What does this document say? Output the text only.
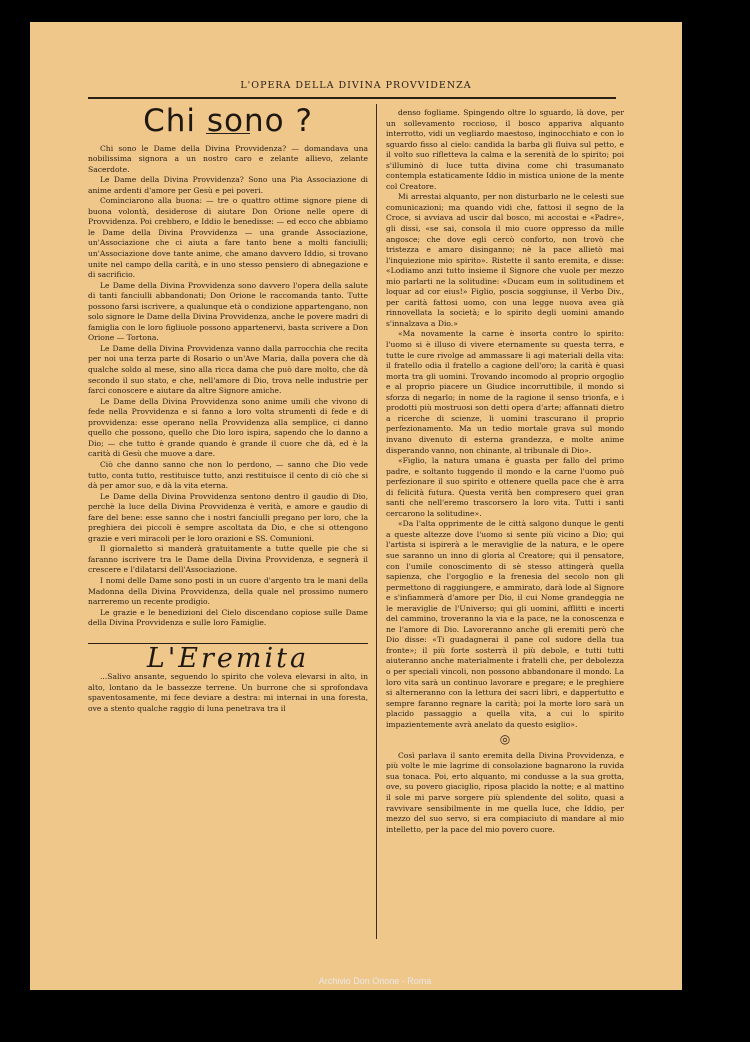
L'OPERA DELLA DIVINA PROVVIDENZA
Chi sono ?

Chi sono le Dame della Divina Provvidenza? — domandava una nobilissima signora a un nostro caro e zelante allievo, zelante Sacerdote.

Le Dame della Divina Provvidenza? Sono una Pia Associazione di anime ardenti d'amore per Gesù e pei poveri.

Cominciarono alla buona: — tre o quattro ottime signore piene di buona volontà, desiderose di aiutare Don Orione nelle opere di Provvidenza. Poi crebbero, e Iddio le benedisse: — ed ecco che abbiamo le Dame della Divina Provvidenza — una grande Associazione, un'Associazione che ci aiuta a fare tanto bene a molti fanciulli; un'Associazione dove tante anime, che amano davvero Iddio, si trovano unite nel campo della carità, e in uno stesso pensiero di abnegazione e di sacrificio.

Le Dame della Divina Provvidenza sono davvero l'opera della salute di tanti fanciulli abbandonati; Don Orione le raccomanda tanto. Tutte possono farsi iscrivere, a qualunque età o condizione appartengano, non solo signore le Dame della Divina Provvidenza, anche le povere madri di famiglia con le loro figliuole possono appartenervi, basta scrivere a Don Orione — Tortona.

Le Dame della Divina Provvidenza vanno dalla parrocchia che recita per noi una terza parte di Rosario o un'Ave Maria, dalla povera che dà qualche soldo al mese, sino alla ricca dama che può dare molto, che dà secondo il suo stato, e che, nell'amore di Dio, trova nelle industrie per farci conoscere e aiutare da altre Signore amiche.

Le Dame della Divina Provvidenza sono anime umili che vivono di fede nella Provvidenza e si fanno a loro volta strumenti di fede e di provvidenza: esse operano nella Provvidenza alla semplice, ci danno quello che possono, quello che Dio loro ispira, sapendo che lo danno a Dio; — che tutto è grande quando è grande il cuore che dà, ed è la carità di Gesù che muove a dare.

Ciò che danno sanno che non lo perdono, — sanno che Dio vede tutto, conta tutto, restituisce tutto, anzi restituisce il cento di ciò che si dà per amor suo, e dà la vita eterna.

Le Dame della Divina Provvidenza sentono dentro il gaudio di Dio, perchè la luce della Divina Provvidenza è verità, e amore e gaudio di fare del bene: esse sanno che i nostri fanciulli pregano per loro, che la preghiera dei piccoli è sempre ascoltata da Dio, e che si ottengono grazie e veri miracoli per le loro orazioni e SS. Comunioni.

Il giornaletto si manderà gratuitamente a tutte quelle pie che si faranno iscrivere tra le Dame della Divina Provvidenza, e segnerà il crescere e l'dilatarsi dell'Associazione.

I nomi delle Dame sono posti in un cuore d'argento tra le mani della Madonna della Divina Provvidenza, della quale nel prossimo numero narreremo un recente prodigio.

Le grazie e le benedizioni del Cielo discendano copiose sulle Dame della Divina Provvidenza e sulle loro Famiglie.

L'Eremita

...Salivo ansante, seguendo lo spirito che voleva elevarsi in alto, in alto, lontano da le bassezze terrene. Un burrone che si sprofondava spaventosamente, mi fece deviare a destra: mi internai in una foresta, ove a stento qualche raggio di luna penetrava tra il

denso fogliame. Spingendo oltre lo sguardo, là dove, per un sollevamento roccioso, il bosco appariva alquanto interrotto, vidi un vegliardo maestoso, inginocchiato e con lo sguardo fisso al cielo: candida la barba gli fluiva sul petto, e il volto suo rifletteva la calma e la serenità de lo spirito; poi s'illuminò di luce tutta divina come chi trasumanato contempla estaticamente Iddio in mistica unione de la mente col Creatore.

Mi arrestai alquanto, per non disturbarlo ne le celesti sue comunicazioni; ma quando vidi che, fattosi il segno de la Croce, si avviava ad uscir dal bosco, mi accostai e «Padre», gli dissi, «se sai, consola il mio cuore oppresso da mille angosce; che dove egli cercò conforto, non trovò che tristezza e amaro disinganno; nè la pace allietò mai l'inquiezione mio spirito». Ristette il santo eremita, e disse: «Lodiamo anzi tutto insieme il Signore che vuole per mezzo mio parlarti ne la solitudine: «Ducam eum in solitudinem et loquar ad cor eius!» Figlio, poscia soggiunse, il Verbo Div., per carità fattosi uomo, con una legge nuova avea già rinnovellata la società; e lo spirito degli uomini amando s'innalzava a Dio.»

«Ma novamente la carne è insorta contro lo spirito: l'uomo si è illuso di vivere eternamente su questa terra, e tutte le cure rivolge ad ammassare li agi materiali della vita: il fratello odia il fratello a cagione dell'oro; la carità è quasi morta tra gli uomini. Trovando incomodo al proprio orgoglio e al proprio piacere un Giudice incorruttibile, il mondo si sforza di negarlo; in nome de la ragione il senso trionfa, e i prodotti più mostruosi son detti opera d'arte; affannati dietro a ricerche di scienze, li uomini trascurano il proprio perfezionamento. Ma un tedio mortale grava sul mondo invano divenuto di esterna grandezza, e molte anime disperando vanno, non chinante, al tribunale di Dio».

«Figlio, la natura umana è guasta per fallo del primo padre, e soltanto tuggendo il mondo e la carne l'uomo può perfezionare il suo spirito e ottenere quella pace che è arra di felicità futura. Questa verità ben compresero quei gran santi che nell'eremo trascorsero la loro vita. Tutti i santi cercarono la solitudine».

«Da l'alta opprimente de le città salgono dunque le genti a queste altezze dove l'uomo si sente più vicino a Dio; qui l'artista si ispirerà a le meraviglie de la natura, e le opere sue saranno un inno di gloria al Creatore; qui il pensatore, con l'umile conoscimento di sè stesso attingerà quella sapienza, che l'orgoglio e la frenesia del secolo non gli permettono di raggiungere, e ammirato, darà lode al Signore e s'infiammerà d'amore per Dio, il cui Nome grandeggia ne le meraviglie de l'Universo; qui gli uomini, afflitti e incerti del cammino, troveranno la via e la pace, ne la conoscenza e ne l'amore di Dio. Lavoreranno anche gli eremiti però che Dio disse: «Ti guadagnerai il pane col sudore della tua fronte»; il più forte sosterrà il più debole, e tutti tutti aiuteranno anche materialmente i fratelli che, per debolezza o per speciali vincoli, non possono abbandonare il mondo. La loro vita sarà un continuo lavorare e pregare; e le preghiere si alterneranno con la lettura dei sacri libri, e dappertutto e sempre faranno regnare la carità; poi la morte loro sarà un placido passaggio a quella vita, a cui lo spirito impazientemente avrà anelato da questo esiglio».

◎

Così parlava il santo eremita della Divina Provvidenza, e più volte le mie lagrime di consolazione bagnarono la ruvida sua tonaca. Poi, erto alquanto, mi condusse a la sua grotta, ove, su povero giaciglio, riposa placido la notte; e al mattino il sole mi parve sorgere più splendente del solito, quasi a ravvivare sensibilmente in me quella luce, che Iddio, per mezzo del suo servo, si era compiaciuto di mandare al mio intelletto, per la pace del mio povero cuore.

Archivio Don Orione - Roma
